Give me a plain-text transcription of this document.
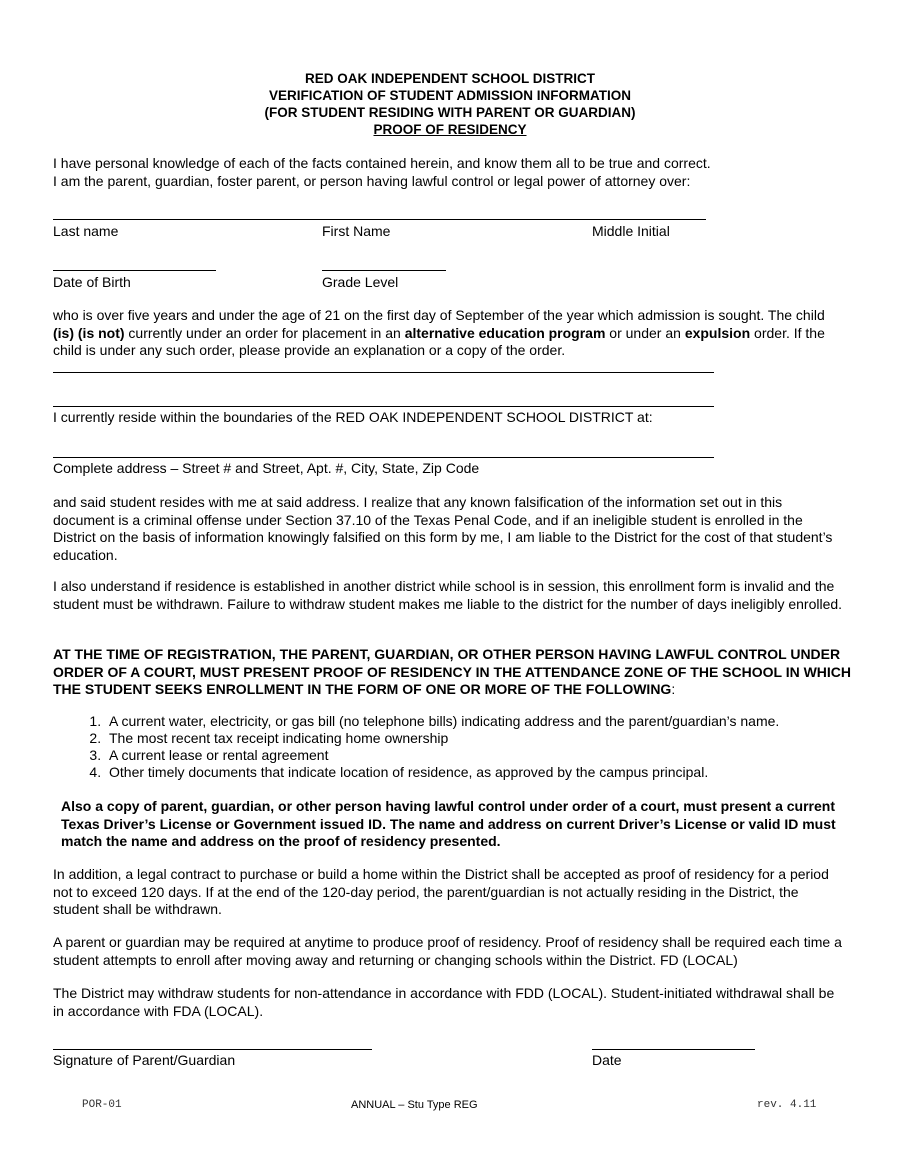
RED OAK INDEPENDENT SCHOOL DISTRICT
VERIFICATION OF STUDENT ADMISSION INFORMATION
(FOR STUDENT RESIDING WITH PARENT OR GUARDIAN)
PROOF OF RESIDENCY
I have personal knowledge of each of the facts contained herein, and know them all to be true and correct.
I am the parent, guardian, foster parent, or person having lawful control or legal power of attorney over:
Last name	First Name	Middle Initial
Date of Birth	Grade Level
who is over five years and under the age of 21 on the first day of September of the year which admission is sought. The child (is) (is not) currently under an order for placement in an alternative education program or under an expulsion order. If the child is under any such order, please provide an explanation or a copy of the order.
I currently reside within the boundaries of the RED OAK INDEPENDENT SCHOOL DISTRICT at:
Complete address – Street # and Street, Apt. #, City, State, Zip Code
and said student resides with me at said address. I realize that any known falsification of the information set out in this document is a criminal offense under Section 37.10 of the Texas Penal Code, and if an ineligible student is enrolled in the District on the basis of information knowingly falsified on this form by me, I am liable to the District for the cost of that student’s education.
I also understand if residence is established in another district while school is in session, this enrollment form is invalid and the student must be withdrawn. Failure to withdraw student makes me liable to the district for the number of days ineligibly enrolled.
AT THE TIME OF REGISTRATION, THE PARENT, GUARDIAN, OR OTHER PERSON HAVING LAWFUL CONTROL UNDER ORDER OF A COURT, MUST PRESENT PROOF OF RESIDENCY IN THE ATTENDANCE ZONE OF THE SCHOOL IN WHICH THE STUDENT SEEKS ENROLLMENT IN THE FORM OF ONE OR MORE OF THE FOLLOWING:
1. A current water, electricity, or gas bill (no telephone bills) indicating address and the parent/guardian’s name.
2. The most recent tax receipt indicating home ownership
3. A current lease or rental agreement
4. Other timely documents that indicate location of residence, as approved by the campus principal.
Also a copy of parent, guardian, or other person having lawful control under order of a court, must present a current Texas Driver’s License or Government issued ID. The name and address on current Driver’s License or valid ID must match the name and address on the proof of residency presented.
In addition, a legal contract to purchase or build a home within the District shall be accepted as proof of residency for a period not to exceed 120 days. If at the end of the 120-day period, the parent/guardian is not actually residing in the District, the student shall be withdrawn.
A parent or guardian may be required at anytime to produce proof of residency. Proof of residency shall be required each time a student attempts to enroll after moving away and returning or changing schools within the District. FD (LOCAL)
The District may withdraw students for non-attendance in accordance with FDD (LOCAL). Student-initiated withdrawal shall be in accordance with FDA (LOCAL).
Signature of Parent/Guardian	Date
POR-01	ANNUAL – Stu Type REG	rev. 4.11
